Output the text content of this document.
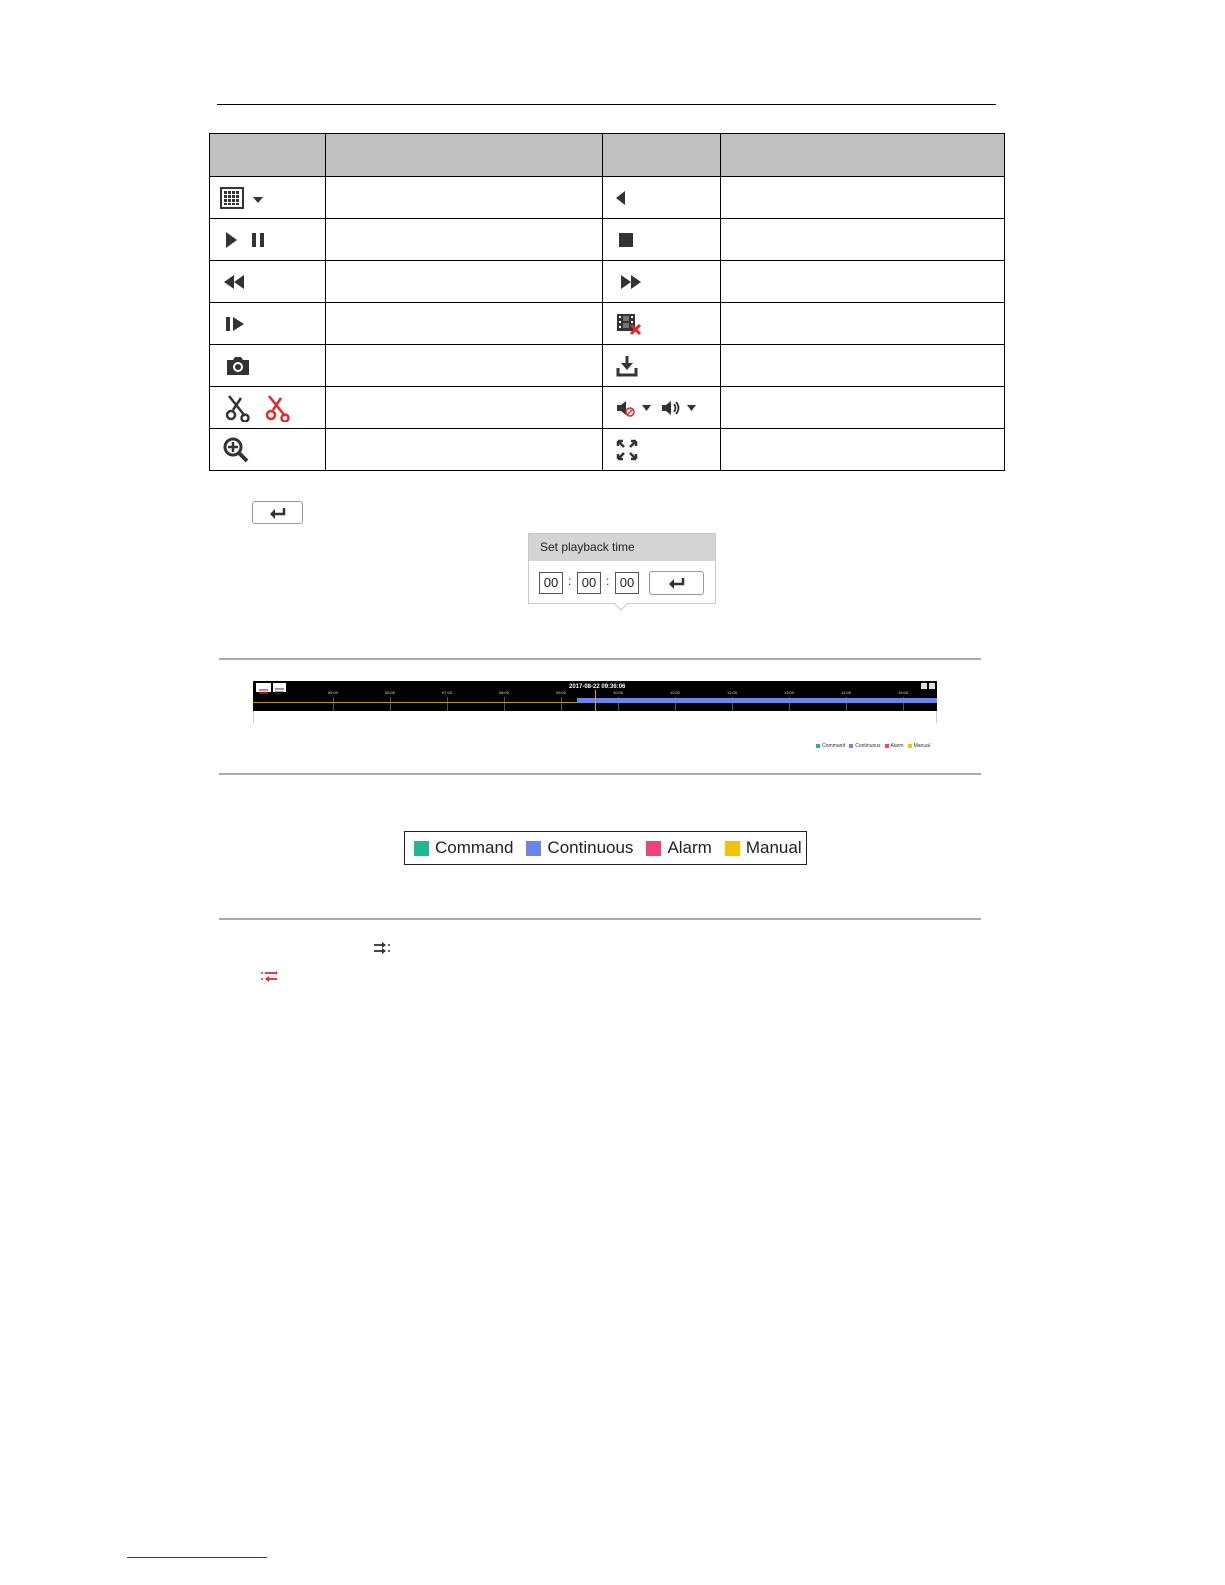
Set playback time
00 : 00 : 00
2017-08-22 09:36:06
05:00	06:00	07:00	08:00	09:00	10:00	11:00	12:00	13:00	14:00	15:00
Command	Continuous	Alarm	Manual
Command Continuous Alarm Manual
